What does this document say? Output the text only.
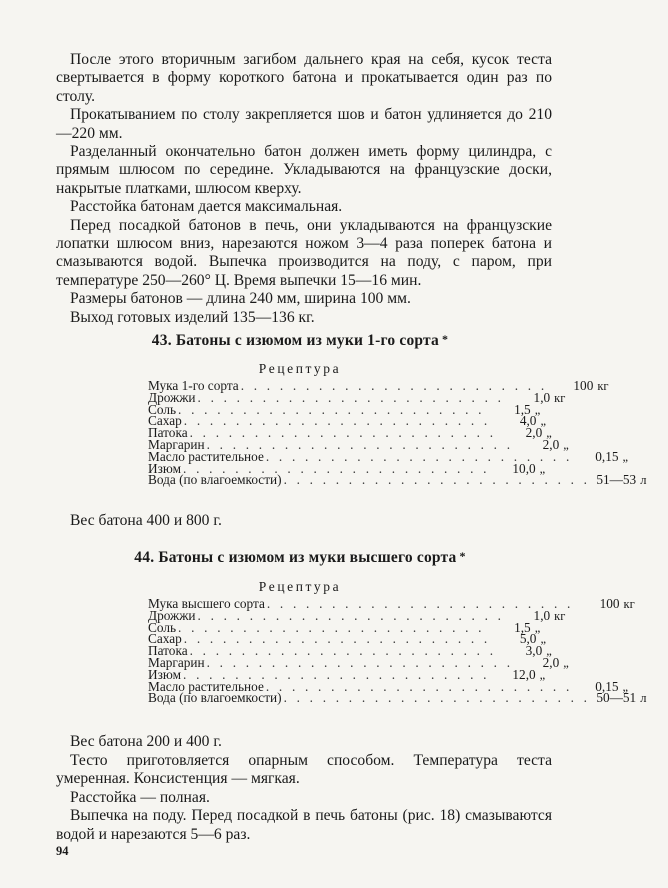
После этого вторичным загибом дальнего края на себя, кусок теста свертывается в форму короткого батона и прокатывается один раз по столу.

Прокатыванием по столу закрепляется шов и батон удлиняется до 210—220 мм.

Разделанный окончательно батон должен иметь форму цилиндра, с прямым шлюсом по середине. Укладываются на французские доски, накрытые платками, шлюсом кверху.

Расстойка батонам дается максимальная.

Перед посадкой батонов в печь, они укладываются на французские лопатки шлюсом вниз, нарезаются ножом 3—4 раза поперек батона и смазываются водой. Выпечка производится на поду, с паром, при температуре 250—260° Ц. Время выпечки 15—16 мин.

Размеры батонов — длина 240 мм, ширина 100 мм.

Выход готовых изделий 135—136 кг.

43. Батоны с изюмом из муки 1-го сорта *
Рецептура
Мука 1-го сорта . . . . . . . . . . . . . . . . . . . . . . . .	100 кг
Дрожжи . . . . . . . . . . . . . . . . . . . . . . . .	1,0 кг
Соль . . . . . . . . . . . . . . . . . . . . . . . .	1,5 „
Сахар . . . . . . . . . . . . . . . . . . . . . . . .	4,0 „
Патока . . . . . . . . . . . . . . . . . . . . . . . .	2,0 „
Маргарин . . . . . . . . . . . . . . . . . . . . . . . .	2,0 „
Масло растительное . . . . . . . . . . . . . . . . . . . . . . . .	0,15 „
Изюм . . . . . . . . . . . . . . . . . . . . . . . .	10,0 „
Вода (по влагоемкости) . . . . . . . . . . . . . . . . . . . . . . . . 51—53 л
Вес батона 400 и 800 г.
44. Батоны с изюмом из муки высшего сорта *
Рецептура
Мука высшего сорта . . . . . . . . . . . . . . . . . . . . . . . .	100 кг
Дрожжи . . . . . . . . . . . . . . . . . . . . . . . .	1,0 кг
Соль . . . . . . . . . . . . . . . . . . . . . . . .	1,5 „
Сахар . . . . . . . . . . . . . . . . . . . . . . . .	5,0 „
Патока . . . . . . . . . . . . . . . . . . . . . . . .	3,0 „
Маргарин . . . . . . . . . . . . . . . . . . . . . . . .	2,0 „
Изюм . . . . . . . . . . . . . . . . . . . . . . . .	12,0 „
Масло растительное . . . . . . . . . . . . . . . . . . . . . . . .	0,15 „
Вода (по влагоемкости) . . . . . . . . . . . . . . . . . . . . . . . . 50—51 л
Вес батона 200 и 400 г.

Тесто приготовляется опарным способом. Температура теста умеренная. Консистенция — мягкая.

Расстойка — полная.

Выпечка на поду. Перед посадкой в печь батоны (рис. 18) смазываются водой и нарезаются 5—6 раз.

94
